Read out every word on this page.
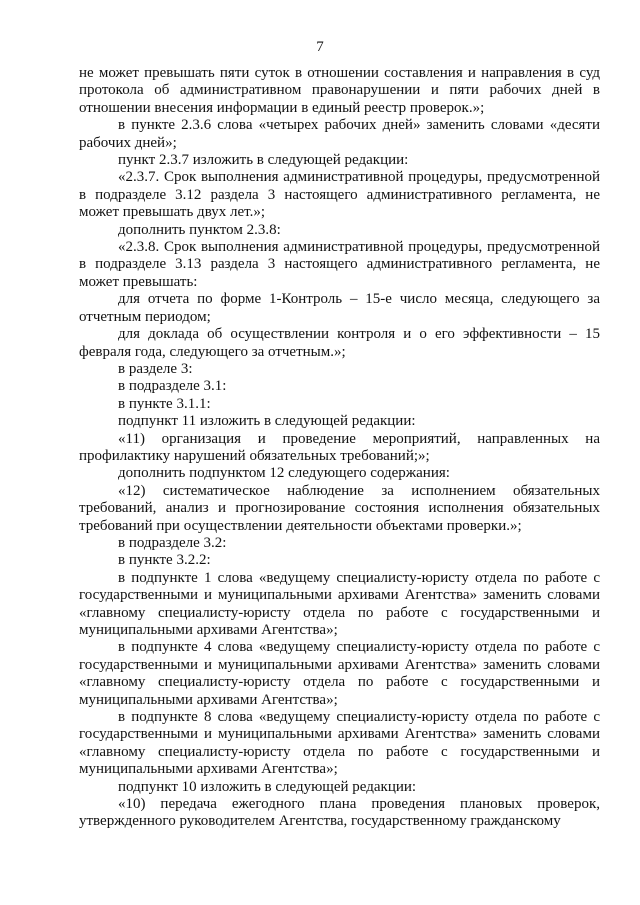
7

не может превышать пяти суток в отношении составления и направления в суд протокола об административном правонарушении и пяти рабочих дней в отношении внесения информации в единый реестр проверок.»;

в пункте 2.3.6 слова «четырех рабочих дней» заменить словами «десяти рабочих дней»;

пункт 2.3.7 изложить в следующей редакции:

«2.3.7. Срок выполнения административной процедуры, предусмотренной в подразделе 3.12 раздела 3 настоящего административного регламента, не может превышать двух лет.»;

дополнить пунктом 2.3.8:

«2.3.8. Срок выполнения административной процедуры, предусмотренной в подразделе 3.13 раздела 3 настоящего административного регламента, не может превышать:

для отчета по форме 1-Контроль – 15-е число месяца, следующего за отчетным периодом;

для доклада об осуществлении контроля и о его эффективности – 15 февраля года, следующего за отчетным.»;

в разделе 3:

в подразделе 3.1:

в пункте 3.1.1:

подпункт 11 изложить в следующей редакции:

«11) организация и проведение мероприятий, направленных на профилактику нарушений обязательных требований;»;

дополнить подпунктом 12 следующего содержания:

«12) систематическое наблюдение за исполнением обязательных требований, анализ и прогнозирование состояния исполнения обязательных требований при осуществлении деятельности объектами проверки.»;

в подразделе 3.2:

в пункте 3.2.2:

в подпункте 1 слова «ведущему специалисту-юристу отдела по работе с государственными и муниципальными архивами Агентства» заменить словами «главному специалисту-юристу отдела по работе с государственными и муниципальными архивами Агентства»;

в подпункте 4 слова «ведущему специалисту-юристу отдела по работе с государственными и муниципальными архивами Агентства» заменить словами «главному специалисту-юристу отдела по работе с государственными и муниципальными архивами Агентства»;

в подпункте 8 слова «ведущему специалисту-юристу отдела по работе с государственными и муниципальными архивами Агентства» заменить словами «главному специалисту-юристу отдела по работе с государственными и муниципальными архивами Агентства»;

подпункт 10 изложить в следующей редакции:

«10) передача ежегодного плана проведения плановых проверок, утвержденного руководителем Агентства, государственному гражданскому
